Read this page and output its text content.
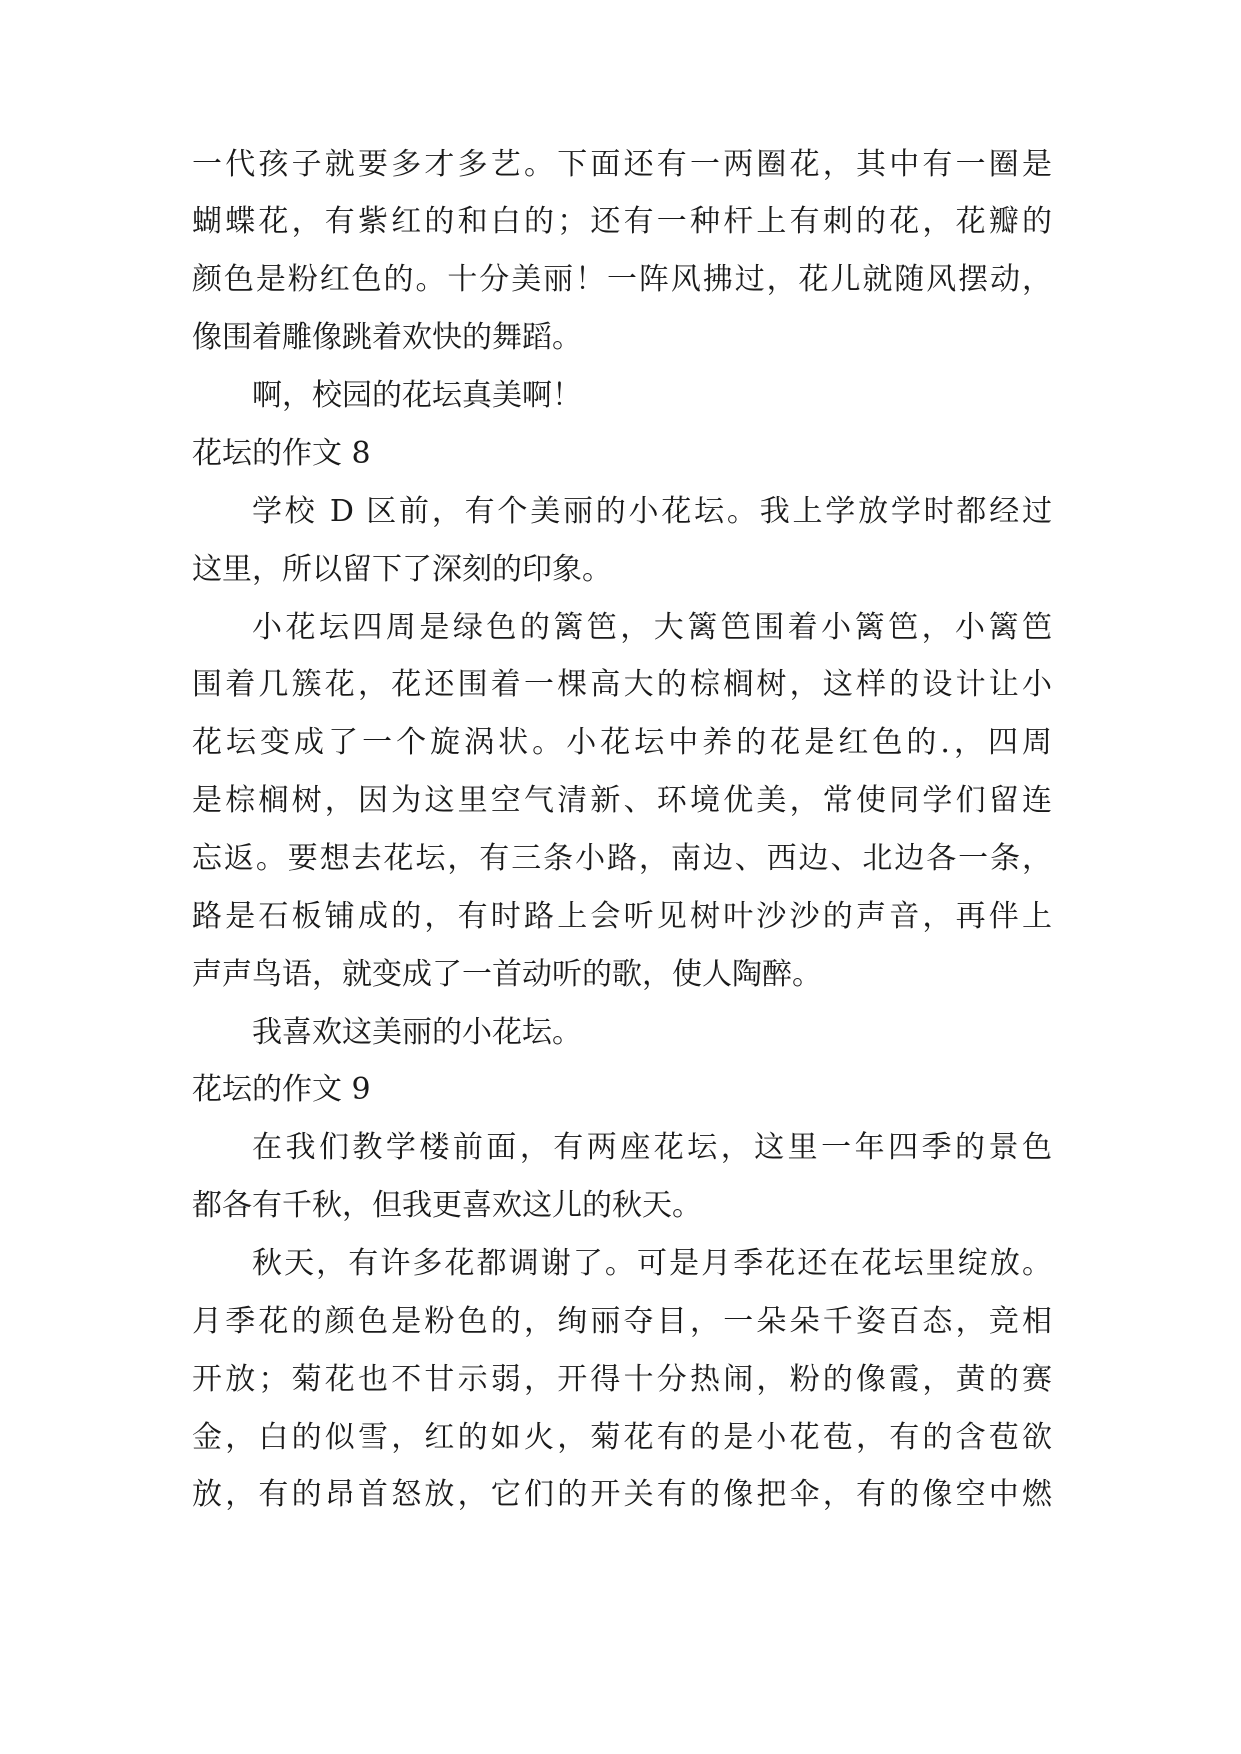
一代孩子就要多才多艺。下面还有一两圈花，其中有一圈是
蝴蝶花，有紫红的和白的；还有一种杆上有刺的花，花瓣的
颜色是粉红色的。十分美丽！一阵风拂过，花儿就随风摆动，
像围着雕像跳着欢快的舞蹈。
啊，校园的花坛真美啊！
花坛的作文 8
学校 D 区前，有个美丽的小花坛。我上学放学时都经过
这里，所以留下了深刻的印象。
小花坛四周是绿色的篱笆，大篱笆围着小篱笆，小篱笆
围着几簇花，花还围着一棵高大的棕榈树，这样的设计让小
花坛变成了一个旋涡状。小花坛中养的花是红色的.，四周
是棕榈树，因为这里空气清新、环境优美，常使同学们留连
忘返。要想去花坛，有三条小路，南边、西边、北边各一条，
路是石板铺成的，有时路上会听见树叶沙沙的声音，再伴上
声声鸟语，就变成了一首动听的歌，使人陶醉。
我喜欢这美丽的小花坛。
花坛的作文 9
在我们教学楼前面，有两座花坛，这里一年四季的景色
都各有千秋，但我更喜欢这儿的秋天。
秋天，有许多花都调谢了。可是月季花还在花坛里绽放。
月季花的颜色是粉色的，绚丽夺目，一朵朵千姿百态，竞相
开放；菊花也不甘示弱，开得十分热闹，粉的像霞，黄的赛
金，白的似雪，红的如火，菊花有的是小花苞，有的含苞欲
放，有的昂首怒放，它们的开关有的像把伞，有的像空中燃
